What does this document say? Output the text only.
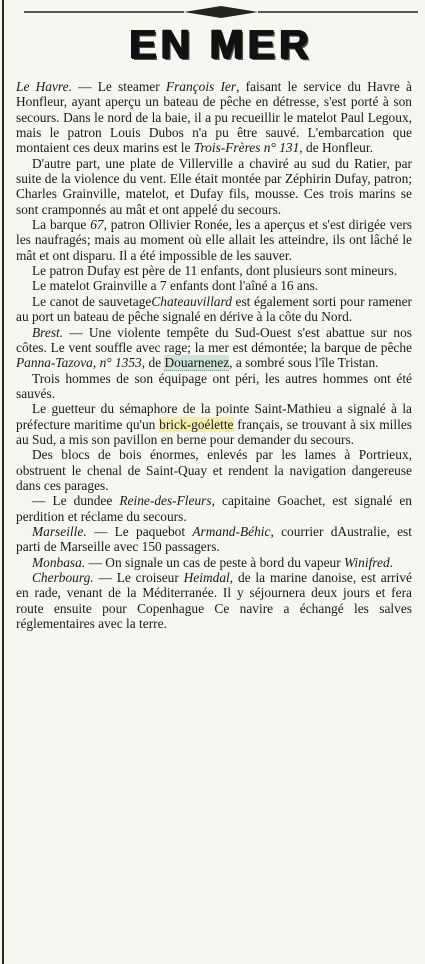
EN MER

Le Havre. — Le steamer François Ier, faisant le service du Havre à Honfleur, ayant aperçu un bateau de pêche en détresse, s'est porté à son secours. Dans le nord de la baie, il a pu recueillir le matelot Paul Legoux, mais le patron Louis Dubos n'a pu être sauvé. L'embarcation que montaient ces deux marins est le Trois-Frères n° 131, de Honfleur.

D'autre part, une plate de Villerville a chaviré au sud du Ratier, par suite de la violence du vent. Elle était montée par Zéphirin Dufay, patron; Charles Grainville, matelot, et Dufay fils, mousse. Ces trois marins se sont cramponnés au mât et ont appelé du secours.

La barque 67, patron Ollivier Ronée, les a aperçus et s'est dirigée vers les naufragés; mais au moment où elle allait les atteindre, ils ont lâché le mât et ont disparu. Il a été impossible de les sauver.

Le patron Dufay est père de 11 enfants, dont plusieurs sont mineurs.

Le matelot Grainville a 7 enfants dont l'aîné a 16 ans.

Le canot de sauvetageChateauvillard est également sorti pour ramener au port un bateau de pêche signalé en dérive à la côte du Nord.

Brest. — Une violente tempête du Sud-Ouest s'est abattue sur nos côtes. Le vent souffle avec rage; la mer est démontée; la barque de pêche Panna-Tazova, n° 1353, de Douarnenez, a sombré sous l'île Tristan.

Trois hommes de son équipage ont péri, les autres hommes ont été sauvés.

Le guetteur du sémaphore de la pointe Saint-Mathieu a signalé à la préfecture maritime qu'un brick-goélette français, se trouvant à six milles au Sud, a mis son pavillon en berne pour demander du secours.

Des blocs de bois énormes, enlevés par les lames à Portrieux, obstruent le chenal de Saint-Quay et rendent la navigation dangereuse dans ces parages.

— Le dundee Reine-des-Fleurs, capitaine Goachet, est signalé en perdition et réclame du secours.

Marseille. — Le paquebot Armand-Béhic, courrier dAustralie, est parti de Marseille avec 150 passagers.

Monbasa. — On signale un cas de peste à bord du vapeur Winifred.

Cherbourg. — Le croiseur Heimdal, de la marine danoise, est arrivé en rade, venant de la Méditerranée. Il y séjournera deux jours et fera route ensuite pour Copenhague Ce navire a échangé les salves réglementaires avec la terre.
